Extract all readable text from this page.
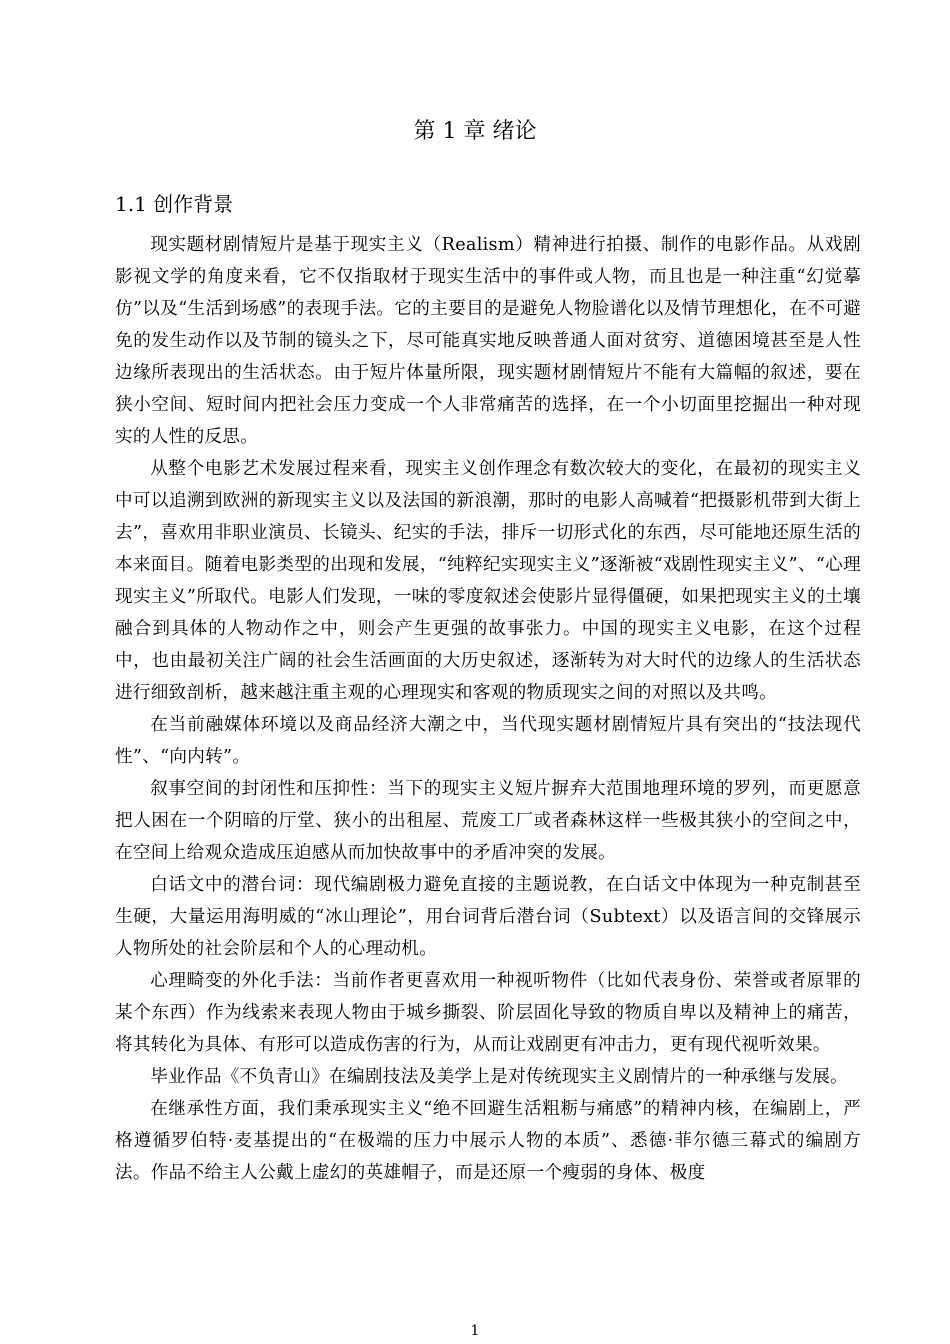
第 1 章 绪论
1.1 创作背景

现实题材剧情短片是基于现实主义（Realism）精神进行拍摄、制作的电影作品。从戏剧影视文学的角度来看，它不仅指取材于现实生活中的事件或人物，而且也是一种注重“幻觉摹仿”以及“生活到场感”的表现手法。它的主要目的是避免人物脸谱化以及情节理想化，在不可避免的发生动作以及节制的镜头之下，尽可能真实地反映普通人面对贫穷、道德困境甚至是人性边缘所表现出的生活状态。由于短片体量所限，现实题材剧情短片不能有大篇幅的叙述，要在狭小空间、短时间内把社会压力变成一个人非常痛苦的选择，在一个小切面里挖掘出一种对现实的人性的反思。

从整个电影艺术发展过程来看，现实主义创作理念有数次较大的变化，在最初的现实主义中可以追溯到欧洲的新现实主义以及法国的新浪潮，那时的电影人高喊着“把摄影机带到大街上去”，喜欢用非职业演员、长镜头、纪实的手法，排斥一切形式化的东西，尽可能地还原生活的本来面目。随着电影类型的出现和发展，“纯粹纪实现实主义”逐渐被“戏剧性现实主义”、“心理现实主义”所取代。电影人们发现，一味的零度叙述会使影片显得僵硬，如果把现实主义的土壤融合到具体的人物动作之中，则会产生更强的故事张力。中国的现实主义电影，在这个过程中，也由最初关注广阔的社会生活画面的大历史叙述，逐渐转为对大时代的边缘人的生活状态进行细致剖析，越来越注重主观的心理现实和客观的物质现实之间的对照以及共鸣。

在当前融媒体环境以及商品经济大潮之中，当代现实题材剧情短片具有突出的“技法现代性”、“向内转”。

叙事空间的封闭性和压抑性：当下的现实主义短片摒弃大范围地理环境的罗列，而更愿意把人困在一个阴暗的厅堂、狭小的出租屋、荒废工厂或者森林这样一些极其狭小的空间之中，在空间上给观众造成压迫感从而加快故事中的矛盾冲突的发展。

白话文中的潜台词：现代编剧极力避免直接的主题说教，在白话文中体现为一种克制甚至生硬，大量运用海明威的“冰山理论”，用台词背后潜台词（Subtext）以及语言间的交锋展示人物所处的社会阶层和个人的心理动机。

心理畸变的外化手法：当前作者更喜欢用一种视听物件（比如代表身份、荣誉或者原罪的某个东西）作为线索来表现人物由于城乡撕裂、阶层固化导致的物质自卑以及精神上的痛苦，将其转化为具体、有形可以造成伤害的行为，从而让戏剧更有冲击力，更有现代视听效果。

毕业作品《不负青山》在编剧技法及美学上是对传统现实主义剧情片的一种承继与发展。

在继承性方面，我们秉承现实主义“绝不回避生活粗粝与痛感”的精神内核，在编剧上，严格遵循罗伯特·麦基提出的“在极端的压力中展示人物的本质”、悉德·菲尔德三幕式的编剧方法。作品不给主人公戴上虚幻的英雄帽子，而是还原一个瘦弱的身体、极度

1
